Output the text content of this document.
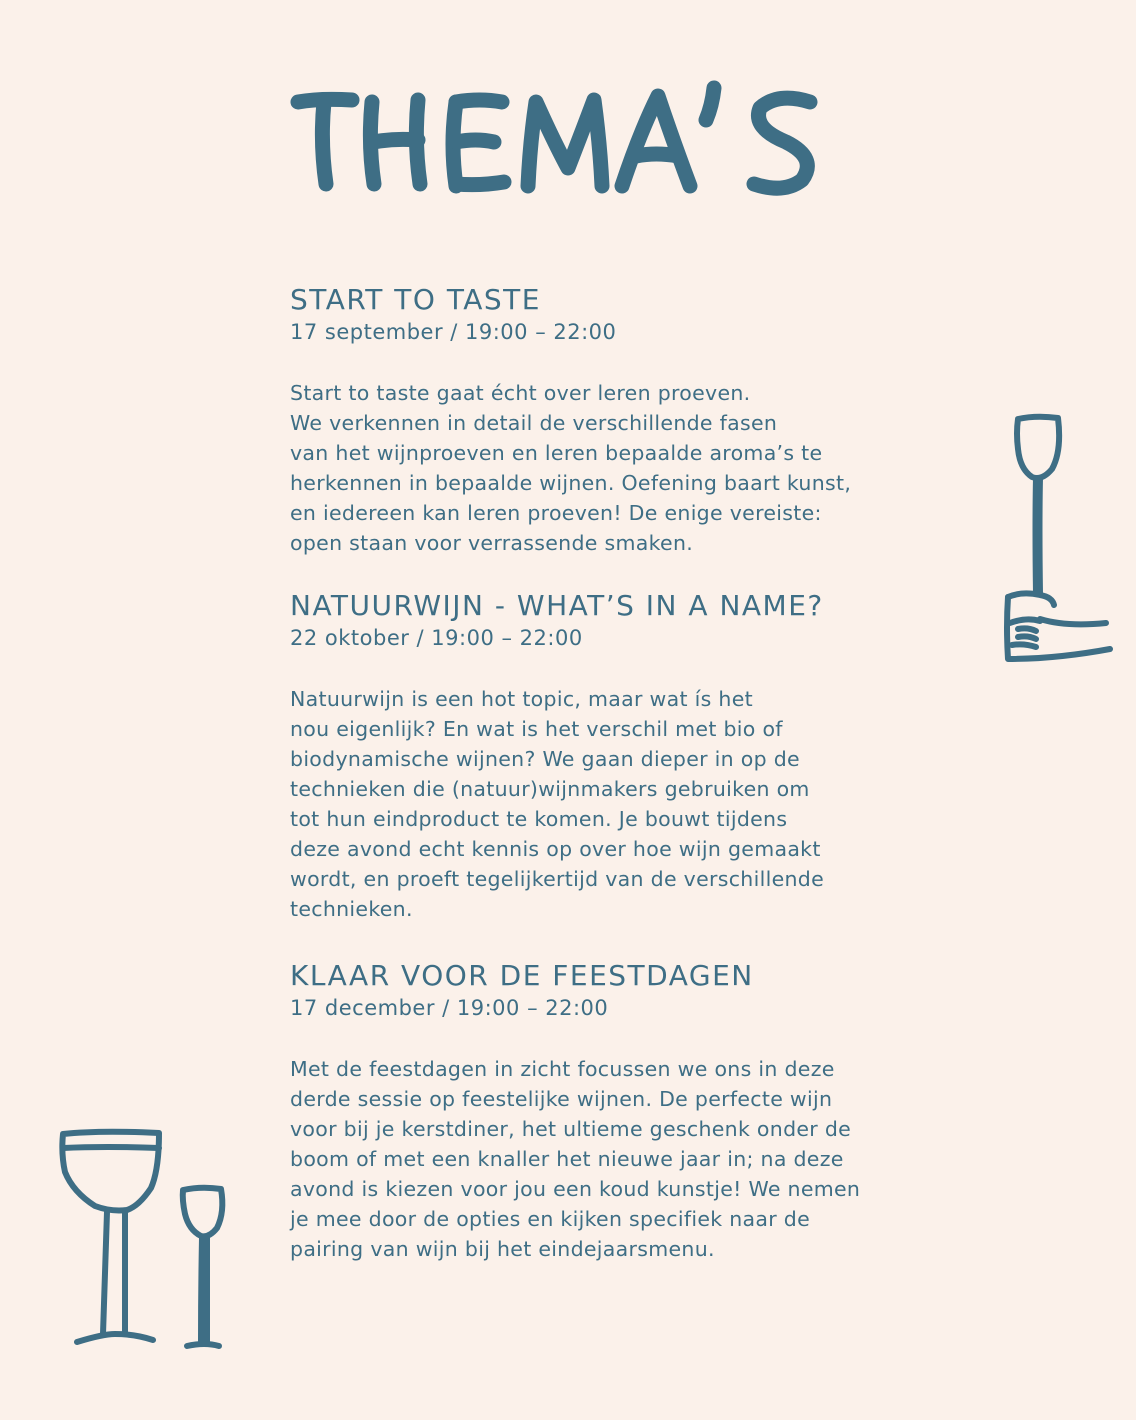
START TO TASTE

17 september / 19:00 – 22:00

Start to taste gaat écht over leren proeven.
We verkennen in detail de verschillende fasen
van het wijnproeven en leren bepaalde aroma’s te
herkennen in bepaalde wijnen. Oefening baart kunst,
en iedereen kan leren proeven! De enige vereiste:
open staan voor verrassende smaken.

NATUURWIJN - WHAT’S IN A NAME?

22 oktober / 19:00 – 22:00

Natuurwijn is een hot topic, maar wat ís het
nou eigenlijk? En wat is het verschil met bio of
biodynamische wijnen? We gaan dieper in op de
technieken die (natuur)wijnmakers gebruiken om
tot hun eindproduct te komen. Je bouwt tijdens
deze avond echt kennis op over hoe wijn gemaakt
wordt, en proeft tegelijkertijd van de verschillende
technieken.

KLAAR VOOR DE FEESTDAGEN

17 december / 19:00 – 22:00

Met de feestdagen in zicht focussen we ons in deze
derde sessie op feestelijke wijnen. De perfecte wijn
voor bij je kerstdiner, het ultieme geschenk onder de
boom of met een knaller het nieuwe jaar in; na deze
avond is kiezen voor jou een koud kunstje! We nemen
je mee door de opties en kijken specifiek naar de
pairing van wijn bij het eindejaarsmenu.
